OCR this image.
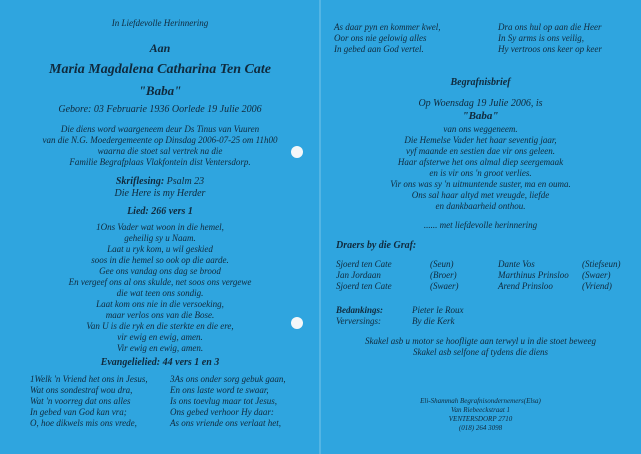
In Liefdevolle Herinnering
Aan
Maria Magdalena Catharina Ten Cate
"Baba"
Gebore: 03 Februarie 1936 Oorlede 19 Julie 2006
Die diens word waargeneem deur Ds Tinus van Vuuren
van die N.G. Moedergemeente op Dinsdag 2006-07-25 om 11h00
waarna die stoet sal vertrek na die
Familie Begrafplaas Vlakfontein dist Ventersdorp.
Skriflesing: Psalm 23
Die Here is my Herder
Lied: 266 vers 1
1Ons Vader wat woon in die hemel,
geheilig sy u Naam.
Laat u ryk kom, u wil geskied
soos in die hemel so ook op die aarde.
Gee ons vandag ons dag se brood
En vergeef ons al ons skulde, net soos ons vergewe
die wat teen ons sondig.
Laat kom ons nie in die versoeking,
maar verlos ons van die Bose.
Van U is die ryk en die sterkte en die ere,
vir ewig en ewig, amen.
Vir ewig en ewig, amen.
Evangelielied: 44 vers 1 en 3
1Welk 'n Vriend het ons in Jesus,
Wat ons sondestraf wou dra,
Wat 'n voorreg dat ons alles
In gebed van God kan vra;
O, hoe dikwels mis ons vrede,
3As ons onder sorg gebuk gaan,
En ons laste word te swaar,
Is ons toevlug maar tot Jesus,
Ons gebed verhoor Hy daar:
As ons vriende ons verlaat het,
As daar pyn en kommer kwel,
Oor ons nie gelowig alles
In gebed aan God vertel.
Dra ons hul op aan die Heer
In Sy arms is ons veilig,
Hy vertroos ons keer op keer
Begrafnisbrief
Op Woensdag 19 Julie 2006, is
"Baba"
van ons weggeneem.
Die Hemelse Vader het haar seventig jaar,
vyf maande en sestien dae vir ons geleen.
Haar afsterwe het ons almal diep seergemaak
en is vir ons 'n groot verlies.
Vir ons was sy 'n uitmuntende suster, ma en ouma.
Ons sal haar altyd met vreugde, liefde
en dankbaarheid onthou.
...... met liefdevolle herinnering
Draers by die Graf:
Sjoerd ten Cate	(Seun)	Dante Vos	(Stiefseun)
Jan Jordaan	(Broer)	Marthinus Prinsloo (Swaer)
Sjoerd ten Cate	(Swaer)	Arend Prinsloo	(Vriend)
Bedankings:	Pieter le Roux
Verversings:	By die Kerk
Skakel asb u motor se hoofligte aan terwyl u in die stoet beweeg
Skakel asb selfone af tydens die diens
Eli-Shammah Begrafnisondernemers(Elsa)
Van Riebeeckstraat 1
VENTERSDORP 2710
(018) 264 3098
